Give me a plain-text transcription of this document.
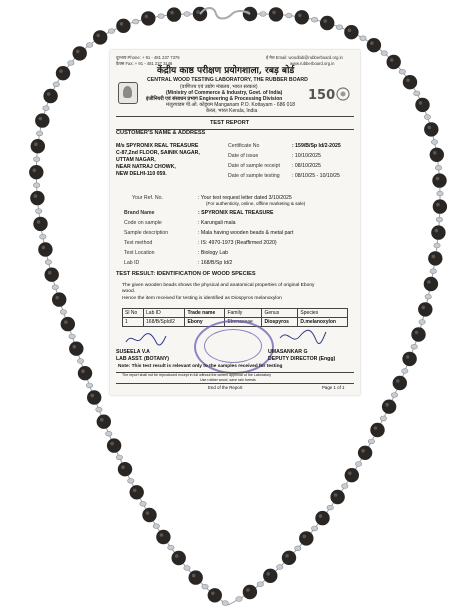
दूरभाष Phone: + 91 - 481 237 7376	ई मेल Email: woodlab@rubberboard.org.in
फ़ैक्स Fax: + 91 - 481 237 3146	www.rubberboard.org.in
केंद्रीय काष्ठ परीक्षण प्रयोगशाला, रबड़ बोर्ड
CENTRAL WOOD TESTING LABORATORY, THE RUBBER BOARD
(वाणिज्य एवं उद्योग मंत्रालय, भारत सरकार)
(Ministry of Commerce & Industry, Govt. of India)
इंजीनियरी एवं संसाधन प्रभाग Engineering & Processing Division
मंजुरपाडम पी.ओ. कोट्टयम Manganam P.O. Kottayam - 686 018
केरल, भारत Kerala, India
150
TEST REPORT
CUSTOMER'S NAME & ADDRESS
M/s SPYRONIX REAL TREASURE
C-87,2nd FLOOR, SAINIK NAGAR,
UTTAM NAGAR,
NEAR NATRAJ CHOWK,
NEW DELHI-110 059.
Certificate No	: 159/B/Sp Id/2-2025
Date of issue	: 10/10/2025
Date of sample receipt : 08/10/2025
Date of sample testing : 08/10/25 - 10/10/25
Your Ref. No.	: Your test request letter dated 3/10/2025
(For authenticity, online, offline marketing & sale)
Brand Name	: SPYRONIX REAL TREASURE
Code on sample	: Karungali mala
Sample description	: Mala having wooden beads & metal part
Test method	: IS: 4970-1973 (Reaffirmed 2020)
Test Location	: Biology Lab
Lab ID	: 168/B/Sp Id/2
TEST RESULT: IDENTIFICATION OF WOOD SPECIES
The given wooden beads shows the physical and anatomical properties of original Ebony
wood.
Hence the item received for testing is identified as Diospyros melanoxylon
Sl No	Lab ID	Trade name	Family	Genus	Species
1	168/B/SpId/2	Ebony	Ebenaceae	Diospyros	D.melanoxylon
SUSEELA V.A
LAB ASST. (BOTANY)
UMASANKAR G
DEPUTY DIRECTOR (Engg)
Note: This test result is relevant only to the samples received for testing
The report shall not be reproduced except in full without the written approval of the Laboratory
Use rubber wood, save rain forests
End of the Report	Page 1 of 1
